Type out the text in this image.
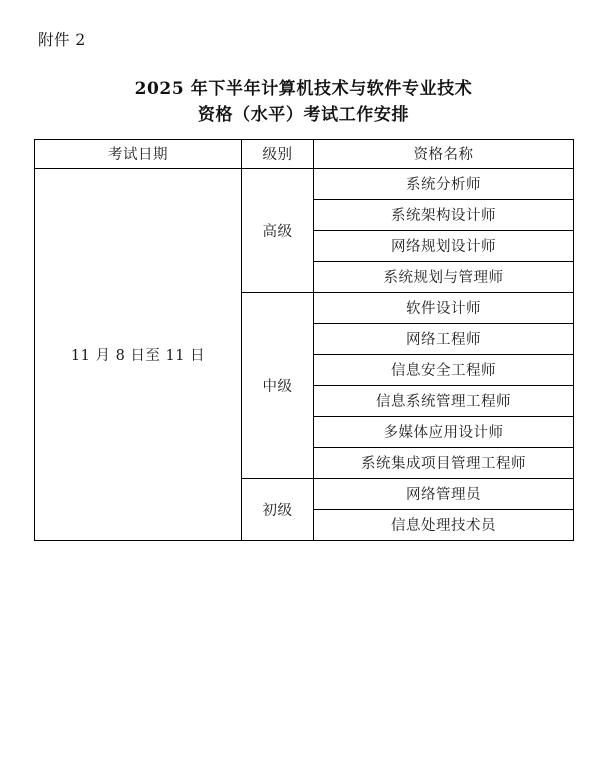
附件 2
2025 年下半年计算机技术与软件专业技术
资格（水平）考试工作安排
考试日期	级别	资格名称
11 月 8 日至 11 日	高级	系统分析师
		系统架构设计师
		网络规划设计师
		系统规划与管理师
	中级	软件设计师
		网络工程师
		信息安全工程师
		信息系统管理工程师
		多媒体应用设计师
		系统集成项目管理工程师
	初级	网络管理员
		信息处理技术员
